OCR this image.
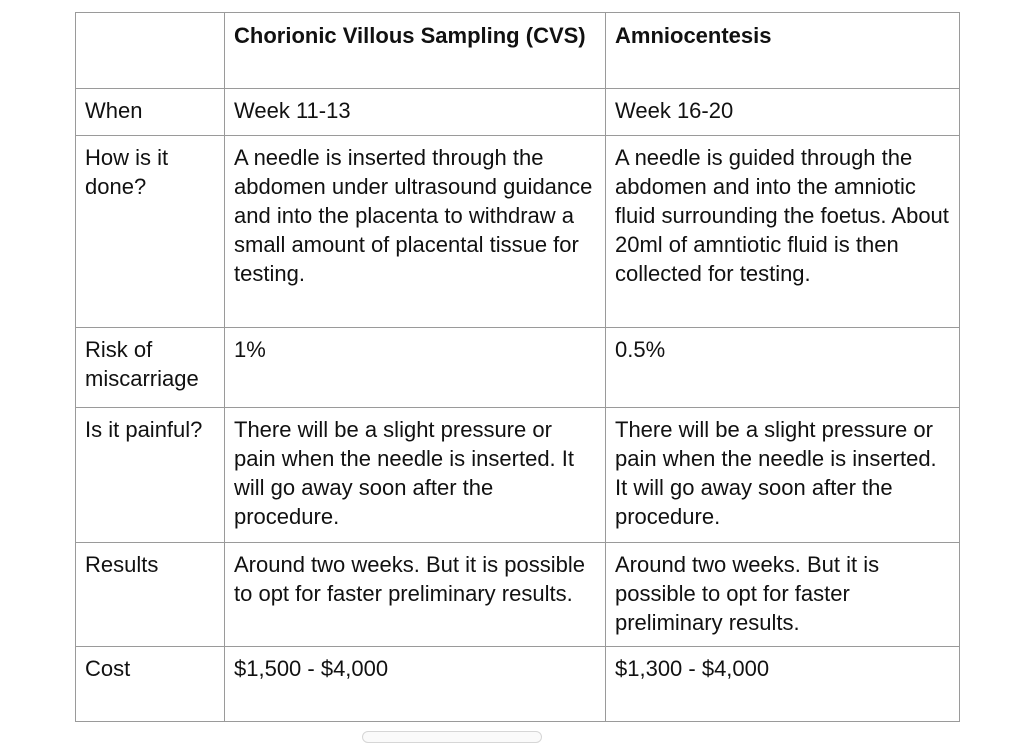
	Chorionic Villous Sampling (CVS)	Amniocentesis
When	Week 11-13	Week 16-20
How is it done?	A needle is inserted through the abdomen under ultrasound guidance and into the placenta to withdraw a small amount of placental tissue for testing.	A needle is guided through the abdomen and into the amniotic fluid surrounding the foetus. About 20ml of amntiotic fluid is then collected for testing.
Risk of miscarriage	1%	0.5%
Is it painful?	There will be a slight pressure or pain when the needle is inserted. It will go away soon after the procedure.	There will be a slight pressure or pain when the needle is inserted. It will go away soon after the procedure.
Results	Around two weeks. But it is possible to opt for faster preliminary results.	Around two weeks. But it is possible to opt for faster preliminary results.
Cost	$1,500 - $4,000	$1,300 - $4,000
